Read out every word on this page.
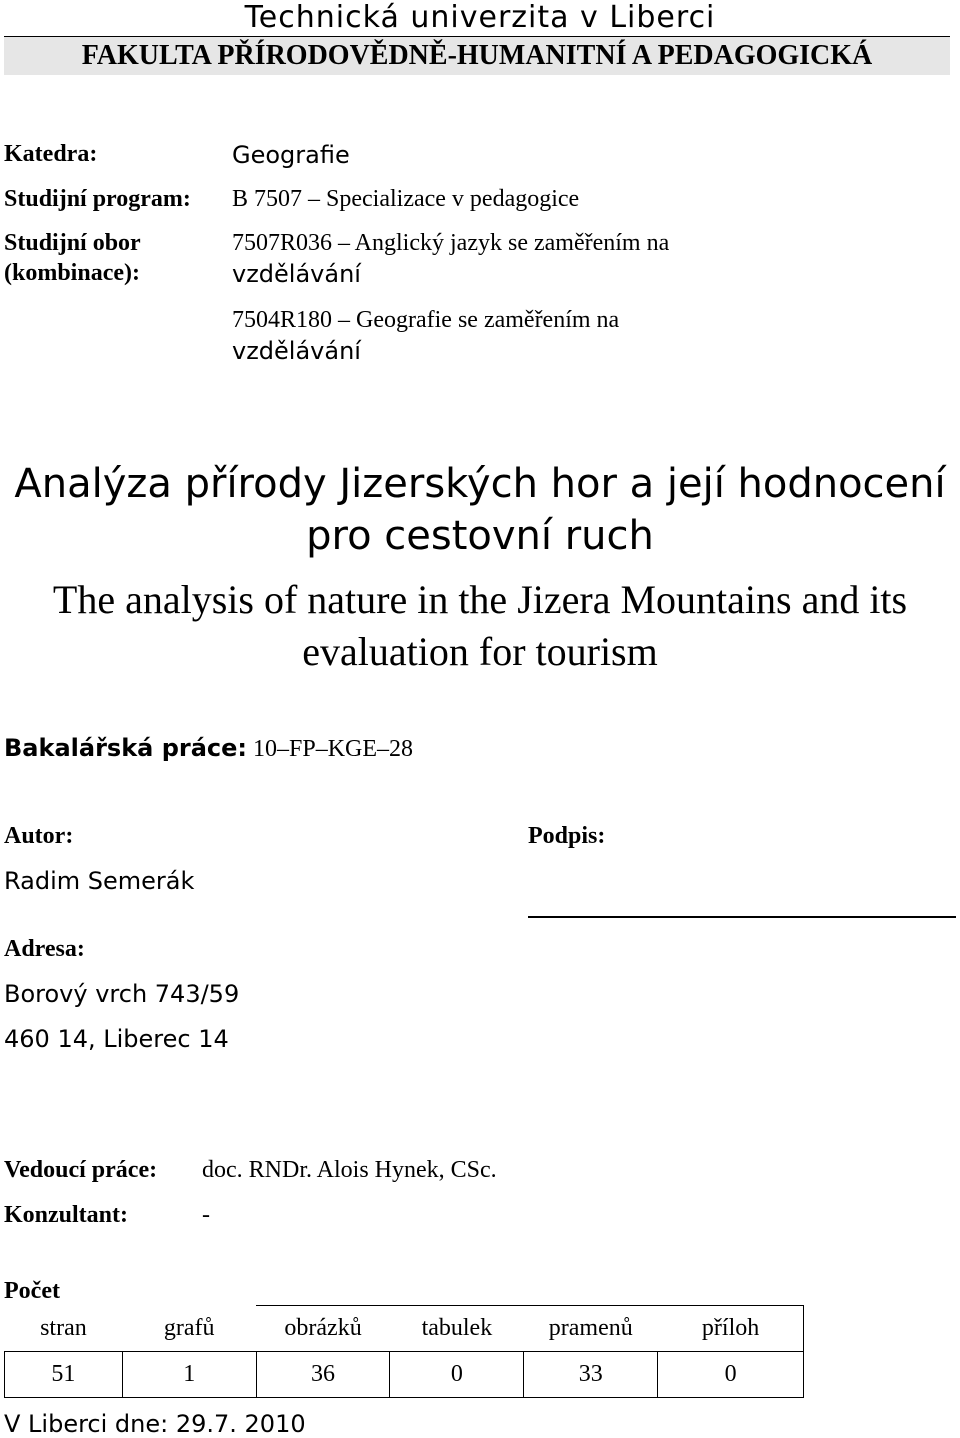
Technická univerzita v Liberci
FAKULTA PŘÍRODOVĚDNĚ-HUMANITNÍ A PEDAGOGICKÁ
Katedra:	Geografie
Studijní program: B 7507 – Specializace v pedagogice
Studijní obor
(kombinace):
7507R036 – Anglický jazyk se zaměřením na
vzdělávání
7504R180 – Geografie se zaměřením na
vzdělávání
Analýza přírody Jizerských hor a její hodnocení pro cestovní ruch
The analysis of nature in the Jizera Mountains and its evaluation for tourism
Bakalářská práce: 10–FP–KGE–28
Autor:	Podpis:
Radim Semerák
Adresa:
Borový vrch 743/59
460 14, Liberec 14
Vedoucí práce: doc. RNDr. Alois Hynek, CSc.
Konzultant:	-
Počet
stran	grafů	obrázků	tabulek	pramenů	příloh
51	1	36	0	33	0
V Liberci dne: 29.7. 2010
